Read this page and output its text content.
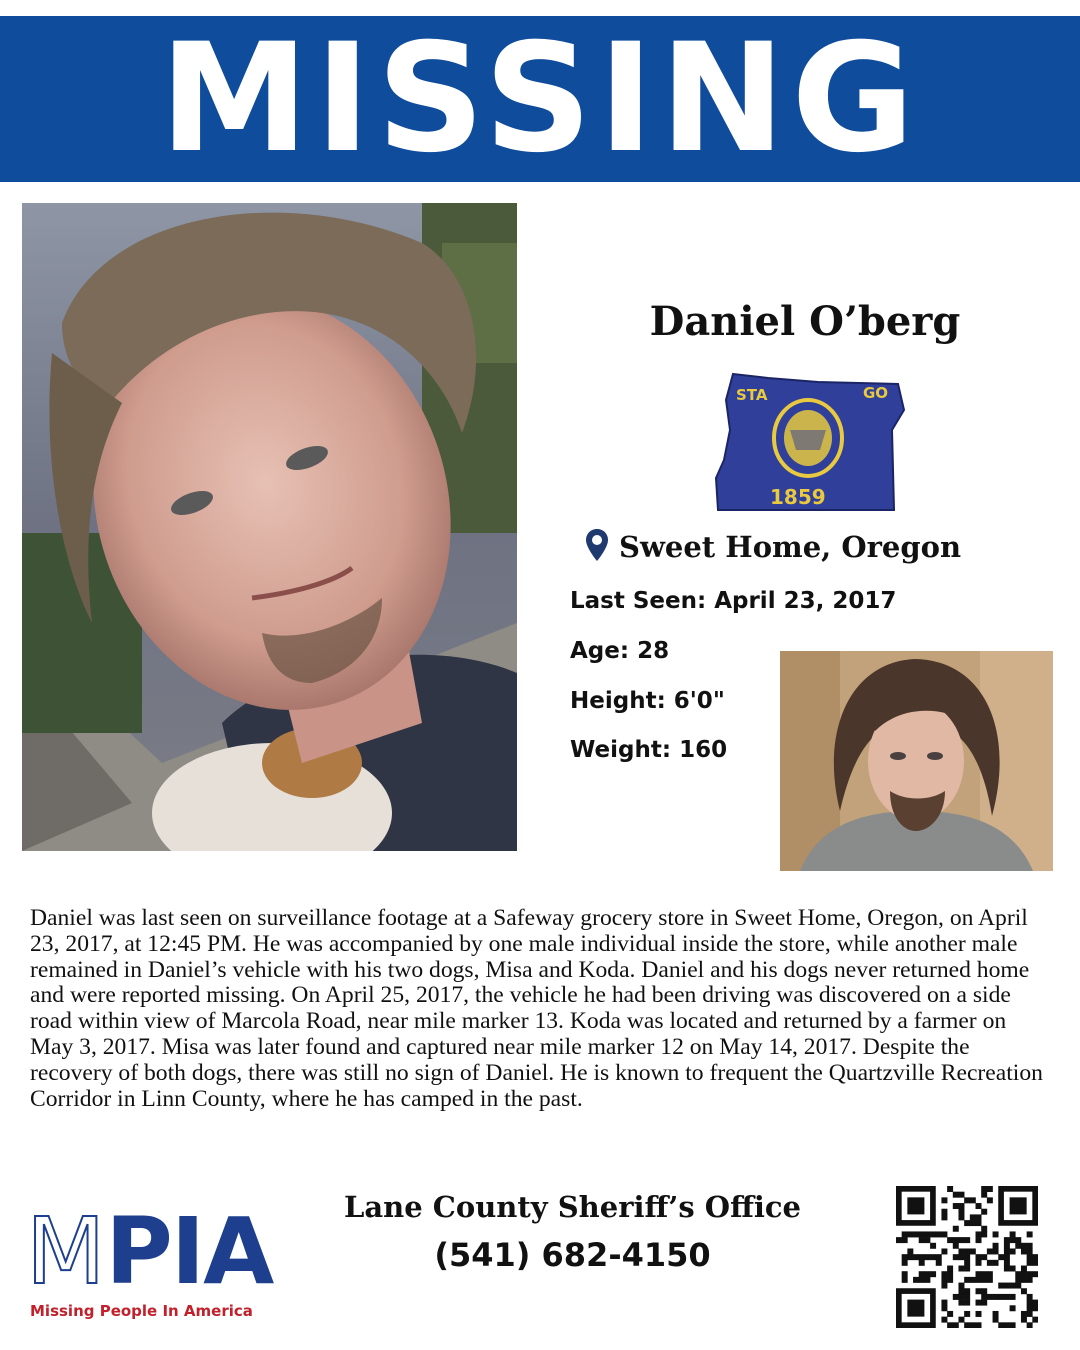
MISSING
Daniel O’berg
STA	GO
1859
Sweet Home, Oregon
Last Seen: April 23, 2017
Age: 28
Height: 6'0"
Weight: 160
Daniel was last seen on surveillance footage at a Safeway grocery store in Sweet Home, Oregon, on April 23, 2017, at 12:45 PM. He was accompanied by one male individual inside the store, while another male remained in Daniel’s vehicle with his two dogs, Misa and Koda. Daniel and his dogs never returned home and were reported missing. On April 25, 2017, the vehicle he had been driving was discovered on a side road within view of Marcola Road, near mile marker 13. Koda was located and returned by a farmer on May 3, 2017. Misa was later found and captured near mile marker 12 on May 14, 2017. Despite the recovery of both dogs, there was still no sign of Daniel. He is known to frequent the Quartzville Recreation Corridor in Linn County, where he has camped in the past.
M PI A
Missing People In America
Lane County Sheriff’s Office
(541) 682-4150
